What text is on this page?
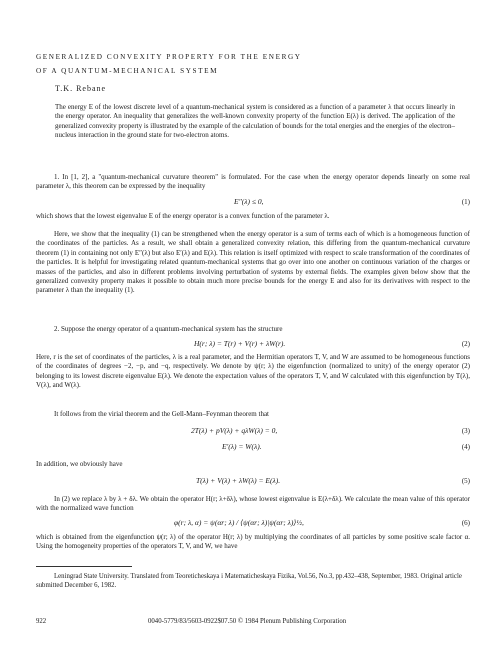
GENERALIZED CONVEXITY PROPERTY FOR THE ENERGY
OF A QUANTUM-MECHANICAL SYSTEM
T.K. Rebane

The energy E of the lowest discrete level of a quantum-mechanical system is considered as a function of a parameter λ that occurs linearly in the energy operator. An inequality that generalizes the well-known convexity property of the function E(λ) is derived. The application of the generalized convexity property is illustrated by the example of the calculation of bounds for the total energies and the energies of the electron–nucleus interaction in the ground state for two-electron atoms.

1. In [1, 2], a "quantum-mechanical curvature theorem" is formulated. For the case when the energy operator depends linearly on some real parameter λ, this theorem can be expressed by the inequality

E″(λ) ≤ 0,	(1)

which shows that the lowest eigenvalue E of the energy operator is a convex function of the parameter λ.

Here, we show that the inequality (1) can be strengthened when the energy operator is a sum of terms each of which is a homogeneous function of the coordinates of the particles. As a result, we shall obtain a generalized convexity relation, this differing from the quantum-mechanical curvature theorem (1) in containing not only E″(λ) but also E′(λ) and E(λ). This relation is itself optimized with respect to scale transformation of the coordinates of the particles. It is helpful for investigating related quantum-mechanical systems that go over into one another on continuous variation of the charges or masses of the particles, and also in different problems involving perturbation of systems by external fields. The examples given below show that the generalized convexity property makes it possible to obtain much more precise bounds for the energy E and also for its derivatives with respect to the parameter λ than the inequality (1).

2. Suppose the energy operator of a quantum-mechanical system has the structure

H(r; λ) = T(r) + V(r) + λW(r).	(2)

Here, r is the set of coordinates of the particles, λ is a real parameter, and the Hermitian operators T, V, and W are assumed to be homogeneous functions of the coordinates of degrees −2, −p, and −q, respectively. We denote by ψ(r; λ) the eigenfunction (normalized to unity) of the energy operator (2) belonging to its lowest discrete eigenvalue E(λ). We denote the expectation values of the operators T, V, and W calculated with this eigenfunction by T(λ), V(λ), and W(λ).

It follows from the virial theorem and the Gell-Mann–Feynman theorem that

2T(λ) + pV(λ) + qλW(λ) = 0,	(3)
E′(λ) = W(λ).	(4)

In addition, we obviously have

T(λ) + V(λ) + λW(λ) = E(λ).	(5)

In (2) we replace λ by λ + δλ. We obtain the operator H(r; λ+δλ), whose lowest eigenvalue is E(λ+δλ). We calculate the mean value of this operator with the normalized wave function

φ(r; λ, α) = ψ(αr; λ) / ⟨ψ(αr; λ)|ψ(αr; λ)⟩½,	(6)

which is obtained from the eigenfunction ψ(r; λ) of the operator H(r; λ) by multiplying the coordinates of all particles by some positive scale factor α. Using the homogeneity properties of the operators T, V, and W, we have

Leningrad State University. Translated from Teoreticheskaya i Matematicheskaya Fizika, Vol.56, No.3, pp.432–438, September, 1983. Original article submitted December 6, 1982.

922	0040-5779/83/5603-0922$07.50 © 1984 Plenum Publishing Corporation
